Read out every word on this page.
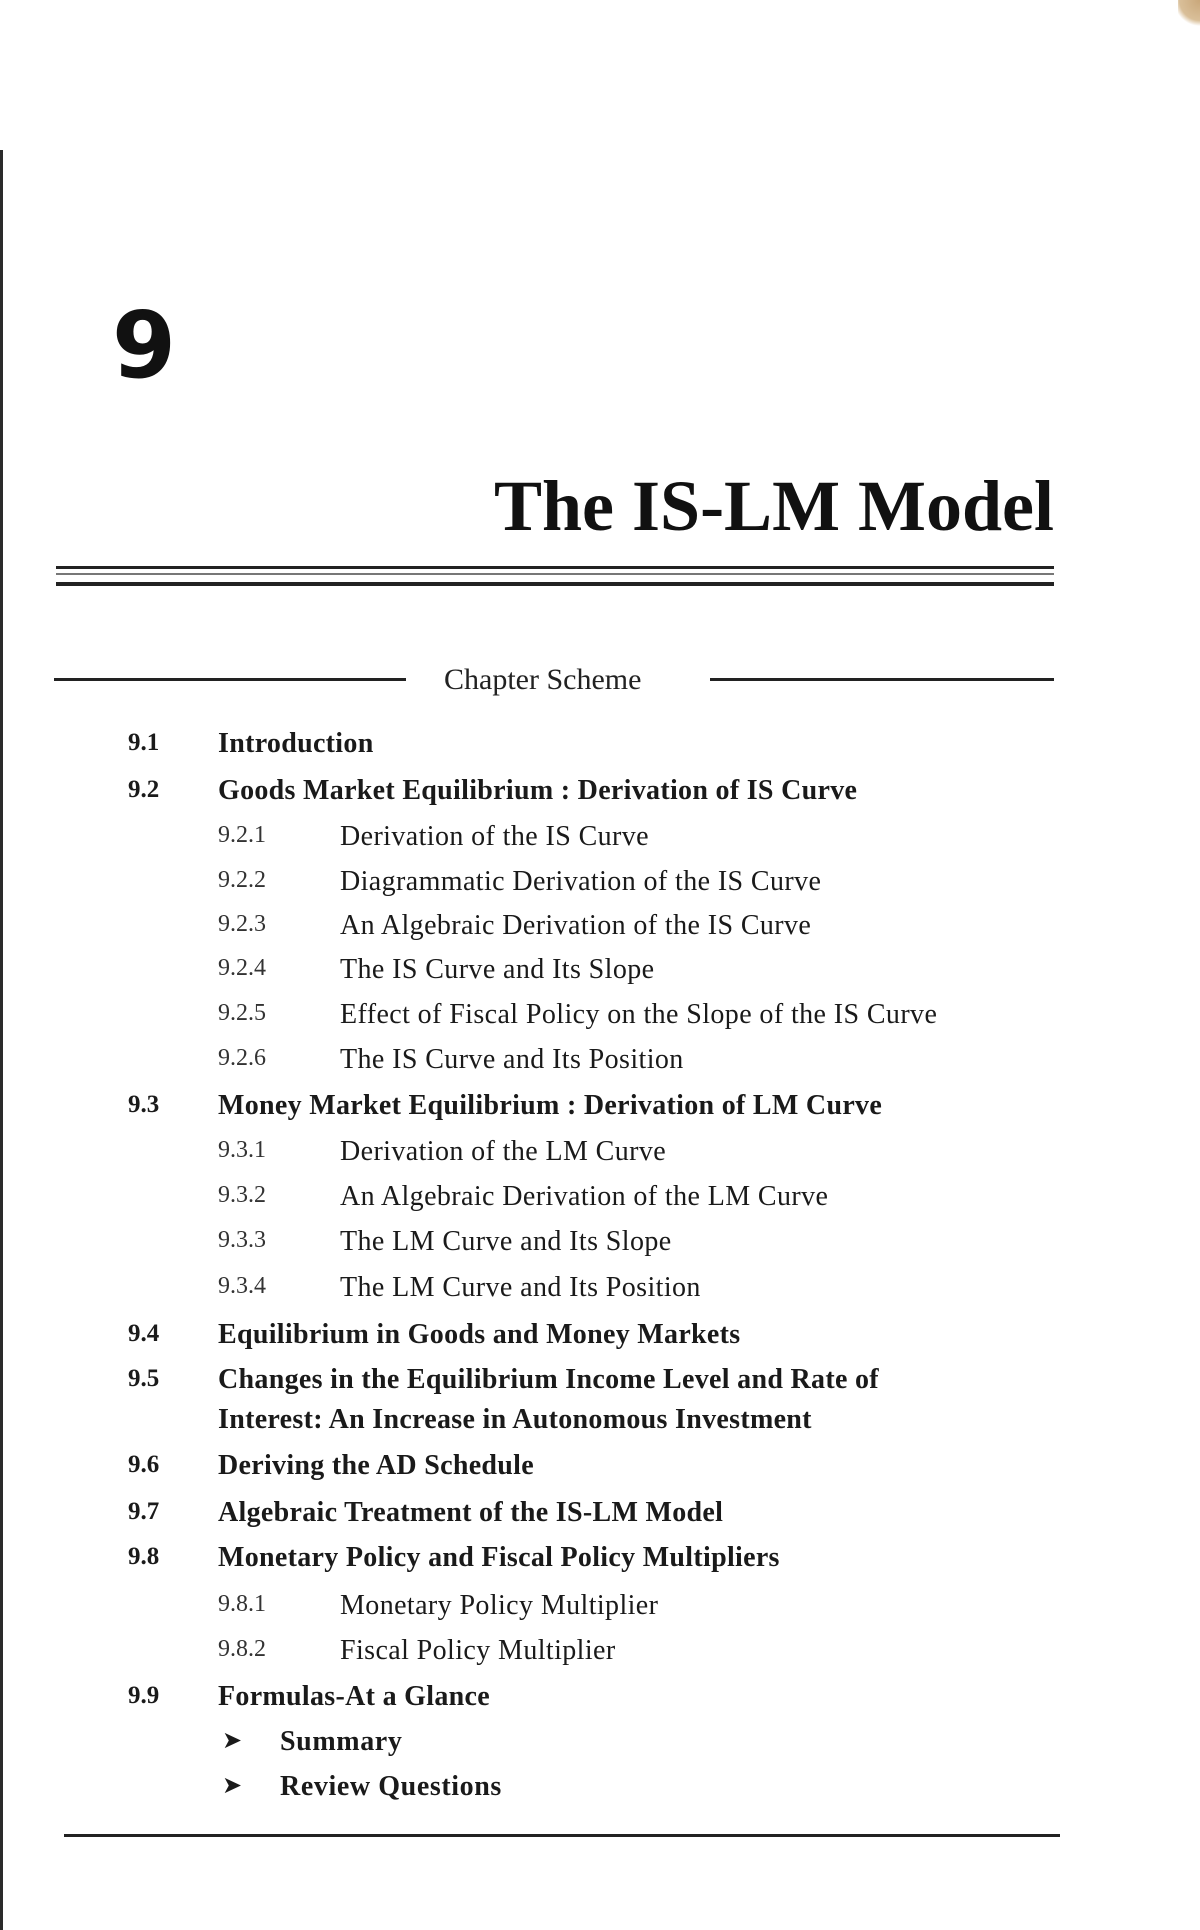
9
The IS-LM Model
Chapter Scheme
9.1 Introduction
9.2 Goods Market Equilibrium : Derivation of IS Curve
9.2.1	Derivation of the IS Curve
9.2.2	Diagrammatic Derivation of the IS Curve
9.2.3	An Algebraic Derivation of the IS Curve
9.2.4	The IS Curve and Its Slope
9.2.5	Effect of Fiscal Policy on the Slope of the IS Curve
9.2.6	The IS Curve and Its Position
9.3 Money Market Equilibrium : Derivation of LM Curve
9.3.1	Derivation of the LM Curve
9.3.2	An Algebraic Derivation of the LM Curve
9.3.3	The LM Curve and Its Slope
9.3.4	The LM Curve and Its Position
9.4 Equilibrium in Goods and Money Markets
9.5 Changes in the Equilibrium Income Level and Rate of
Interest: An Increase in Autonomous Investment
9.6 Deriving the AD Schedule
9.7 Algebraic Treatment of the IS-LM Model
9.8 Monetary Policy and Fiscal Policy Multipliers
9.8.1	Monetary Policy Multiplier
9.8.2	Fiscal Policy Multiplier
9.9 Formulas-At a Glance
➤ Summary
➤ Review Questions
